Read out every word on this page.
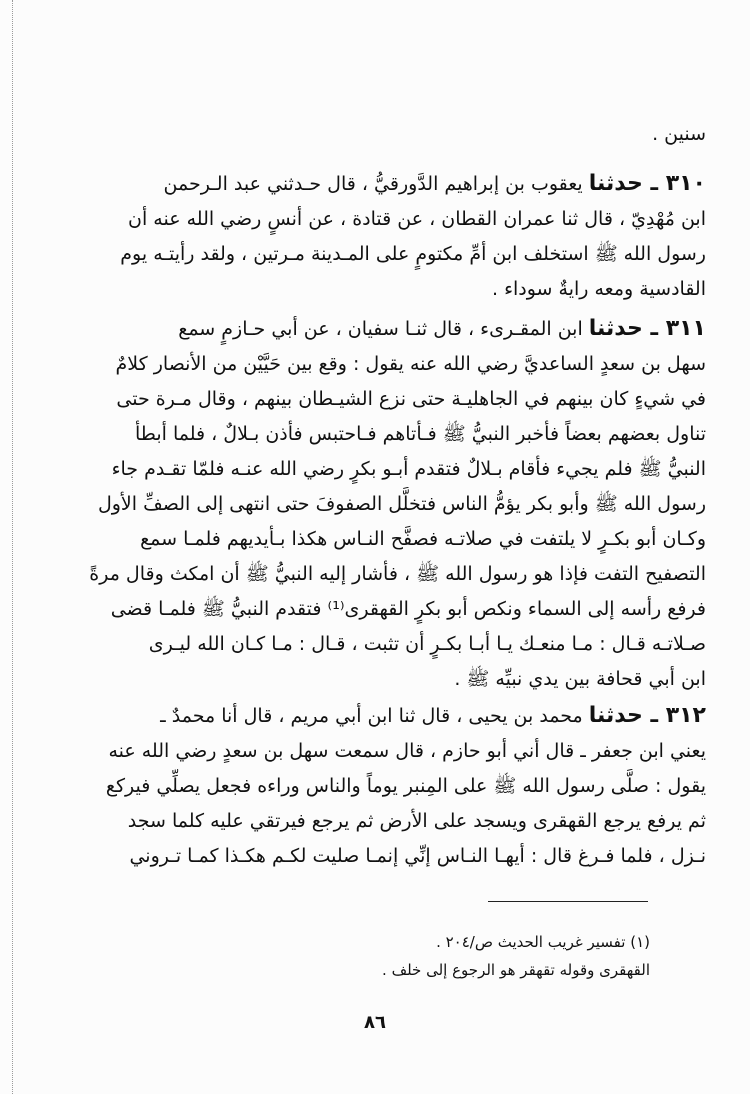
سنين .
٣١٠ ـ حدثنا يعقوب بن إبراهيم الدَّورقيُّ ، قال حـدثني عبد الـرحمن
ابن مُهْدِيّ ، قال ثنا عمران القطان ، عن قتادة ، عن أنسٍ رضي الله عنه أن
رسول الله ﷺ استخلف ابن أمِّ مكتومٍ على المـدينة مـرتين ، ولقد رأيتـه يوم
القادسية ومعه رايةٌ سوداء .
٣١١ ـ حدثنا ابن المقـرىء ، قال ثنـا سفيان ، عن أبي حـازمٍ سمع
سهل بن سعدٍ الساعديَّ رضي الله عنه يقول : وقع بين حَيَّيْن من الأنصار كلامٌ
في شيءٍ كان بينهم في الجاهليـة حتى نزع الشيـطان بينهم ، وقال مـرة حتى
تناول بعضهم بعضاً فأخبر النبيُّ ﷺ فـأتاهم فـاحتبس فأذن بـلالٌ ، فلما أبطأ
النبيُّ ﷺ فلم يجيء فأقام بـلالٌ فتقدم أبـو بكرٍ رضي الله عنـه فلمّا تقـدم جاء
رسول الله ﷺ وأبو بكر يؤمُّ الناس فتخلَّل الصفوفَ حتى انتهى إلى الصفِّ الأول
وكـان أبو بكـرٍ لا يلتفت في صلاتـه فصفَّح النـاس هكذا بـأيديهم فلمـا سمع
التصفيح التفت فإذا هو رسول الله ﷺ ، فأشار إليه النبيُّ ﷺ أن امكث وقال مرةً
فرفع رأسه إلى السماء ونكص أبو بكرٍ القهقرى⁽¹⁾ فتقدم النبيُّ ﷺ فلمـا قضى
صـلاتـه قـال : مـا منعـك يـا أبـا بكـرٍ أن تثبت ، قـال : مـا كـان الله ليـرى
ابن أبي قحافة بين يدي نبيِّه ﷺ .
٣١٢ ـ حدثنا محمد بن يحيى ، قال ثنا ابن أبي مريم ، قال أنا محمدٌ ـ
يعني ابن جعفر ـ قال أني أبو حازم ، قال سمعت سهل بن سعدٍ رضي الله عنه
يقول : صلَّى رسول الله ﷺ على المِنبر يوماً والناس وراءه فجعل يصلِّي فيركع
ثم يرفع يرجع القهقرى ويسجد على الأرض ثم يرجع فيرتقي عليه كلما سجد
نـزل ، فلما فـرغ قال : أيهـا النـاس إنِّي إنمـا صليت لكـم هكـذا كمـا تـروني
(١) تفسير غريب الحديث ص/٢٠٤ .
القهقرى وقوله تقهقر هو الرجوع إلى خلف .
٨٦
